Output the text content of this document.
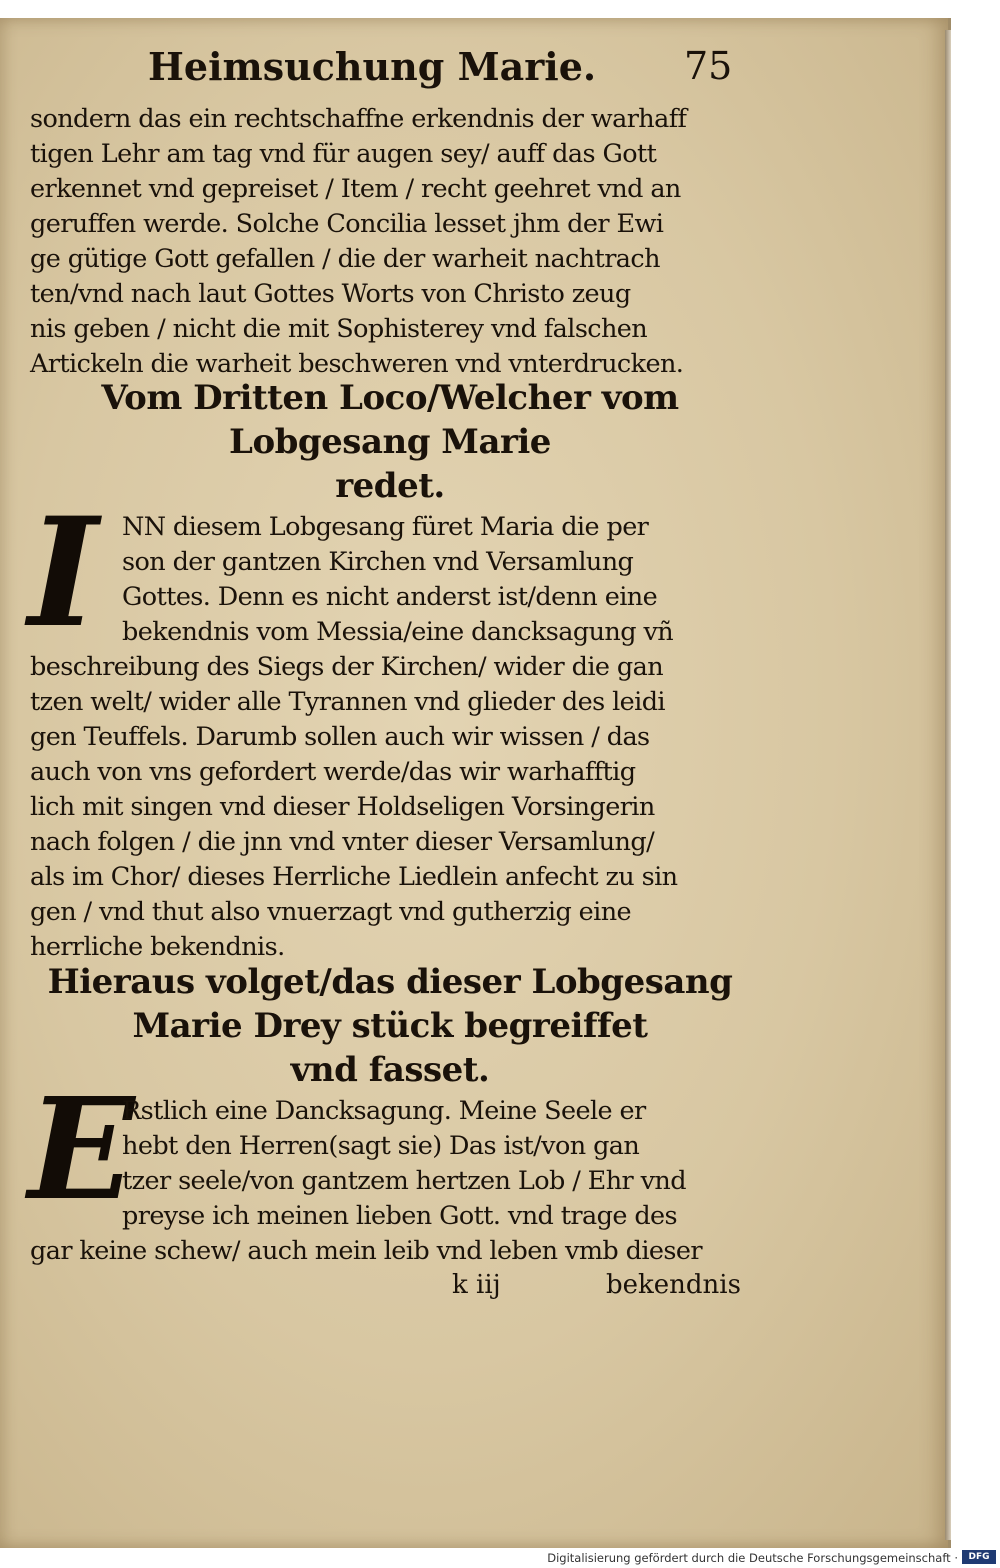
Heimsuchung Marie. 75
sondern das ein rechtschaffne erkendnis der warhaff
tigen Lehr am tag vnd für augen sey/ auff das Gott
erkennet vnd gepreiset / Item / recht geehret vnd an
geruffen werde. Solche Concilia lesset jhm der Ewi
ge gütige Gott gefallen / die der warheit nachtrach
ten/vnd nach laut Gottes Worts von Christo zeug
nis geben / nicht die mit Sophisterey vnd falschen
Artickeln die warheit beschweren vnd vnterdrucken.
Vom Dritten Loco/Welcher vom
Lobgesang Marie
redet.
I NN diesem Lobgesang füret Maria die per
son der gantzen Kirchen vnd Versamlung
Gottes. Denn es nicht anderst ist/denn eine
bekendnis vom Messia/eine dancksagung vñ
beschreibung des Siegs der Kirchen/ wider die gan
tzen welt/ wider alle Tyrannen vnd glieder des leidi
gen Teuffels. Darumb sollen auch wir wissen / das
auch von vns gefordert werde/das wir warhafftig
lich mit singen vnd dieser Holdseligen Vorsingerin
nach folgen / die jnn vnd vnter dieser Versamlung/
als im Chor/ dieses Herrliche Liedlein anfecht zu sin
gen / vnd thut also vnuerzagt vnd gutherzig eine
herrliche bekendnis.
Hieraus volget/das dieser Lobgesang
Marie Drey stück begreiffet
vnd fasset.
E
Rstlich eine Dancksagung. Meine Seele er
hebt den Herren(sagt sie) Das ist/von gan
tzer seele/von gantzem hertzen Lob / Ehr vnd
preyse ich meinen lieben Gott. vnd trage des
gar keine schew/ auch mein leib vnd leben vmb dieser
k iij	bekendnis
Digitalisierung gefördert durch die Deutsche Forschungsgemeinschaft ·	DFG
